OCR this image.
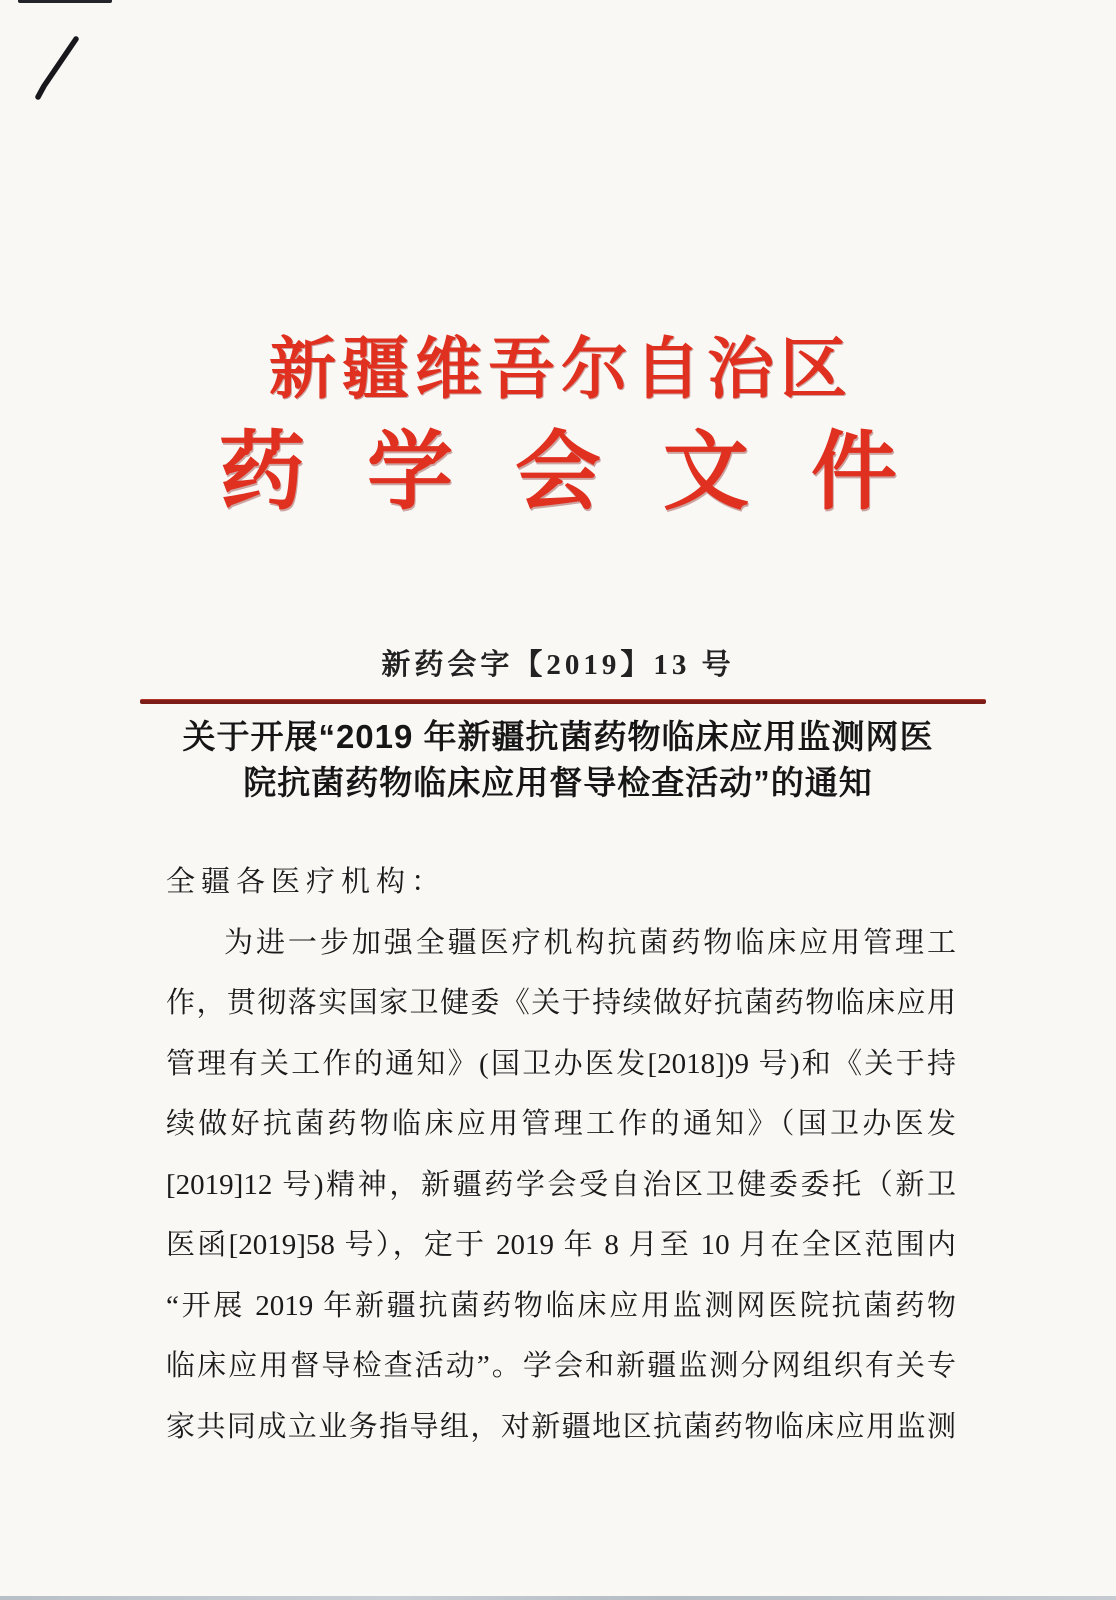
新疆维吾尔自治区
药学会文件
新药会字【2019】13 号
关于开展“2019 年新疆抗菌药物临床应用监测网医
院抗菌药物临床应用督导检查活动”的通知
全疆各医疗机构：
为进一步加强全疆医疗机构抗菌药物临床应用管理工
作，贯彻落实国家卫健委《关于持续做好抗菌药物临床应用
管理有关工作的通知》(国卫办医发[2018])9 号)和《关于持
续做好抗菌药物临床应用管理工作的通知》（国卫办医发
[2019]12 号)精神，新疆药学会受自治区卫健委委托（新卫
医函[2019]58 号），定于 2019 年 8 月至 10 月在全区范围内
“开展 2019 年新疆抗菌药物临床应用监测网医院抗菌药物
临床应用督导检查活动”。学会和新疆监测分网组织有关专
家共同成立业务指导组，对新疆地区抗菌药物临床应用监测
